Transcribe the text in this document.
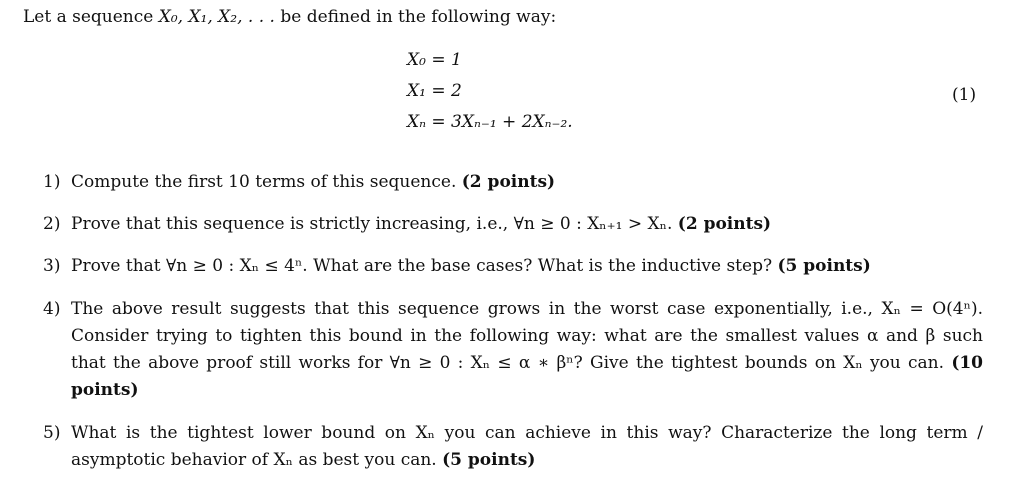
Let a sequence X₀, X₁, X₂, . . . be defined in the following way:
X₀ = 1
X₁ = 2
Xₙ = 3Xₙ₋₁ + 2Xₙ₋₂.
(1)
1) Compute the first 10 terms of this sequence. (2 points)
2) Prove that this sequence is strictly increasing, i.e., ∀n ≥ 0 : Xₙ₊₁ > Xₙ. (2 points)
3) Prove that ∀n ≥ 0 : Xₙ ≤ 4ⁿ. What are the base cases? What is the inductive step? (5 points)
4) The above result suggests that this sequence grows in the worst case exponentially, i.e., Xₙ = O(4ⁿ). Consider trying to tighten this bound in the following way: what are the smallest values α and β such that the above proof still works for ∀n ≥ 0 : Xₙ ≤ α ∗ βⁿ? Give the tightest bounds on Xₙ you can. (10 points)
5) What is the tightest lower bound on Xₙ you can achieve in this way? Characterize the long term / asymptotic behavior of Xₙ as best you can. (5 points)
